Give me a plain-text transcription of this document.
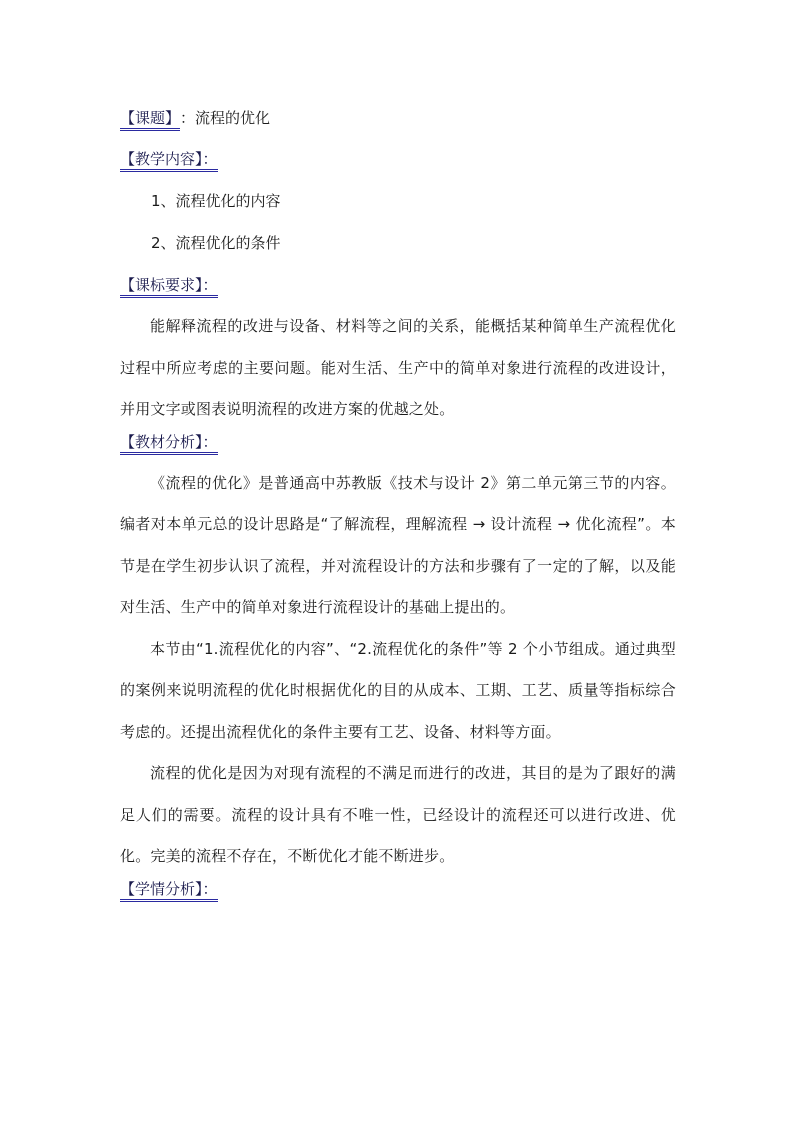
【课题】：流程的优化
【教学内容】：
1、流程优化的内容
2、流程优化的条件
【课标要求】：

能解释流程的改进与设备、材料等之间的关系，能概括某种简单生产流程优化过程中所应考虑的主要问题。能对生活、生产中的简单对象进行流程的改进设计，并用文字或图表说明流程的改进方案的优越之处。

【教材分析】：

《流程的优化》是普通高中苏教版《技术与设计 2》第二单元第三节的内容。编者对本单元总的设计思路是“了解流程，理解流程 → 设计流程 → 优化流程”。本节是在学生初步认识了流程，并对流程设计的方法和步骤有了一定的了解，以及能对生活、生产中的简单对象进行流程设计的基础上提出的。

本节由“1.流程优化的内容”、“2.流程优化的条件”等 2 个小节组成。通过典型的案例来说明流程的优化时根据优化的目的从成本、工期、工艺、质量等指标综合考虑的。还提出流程优化的条件主要有工艺、设备、材料等方面。

流程的优化是因为对现有流程的不满足而进行的改进，其目的是为了跟好的满足人们的需要。流程的设计具有不唯一性，已经设计的流程还可以进行改进、优化。完美的流程不存在，不断优化才能不断进步。

【学情分析】：
